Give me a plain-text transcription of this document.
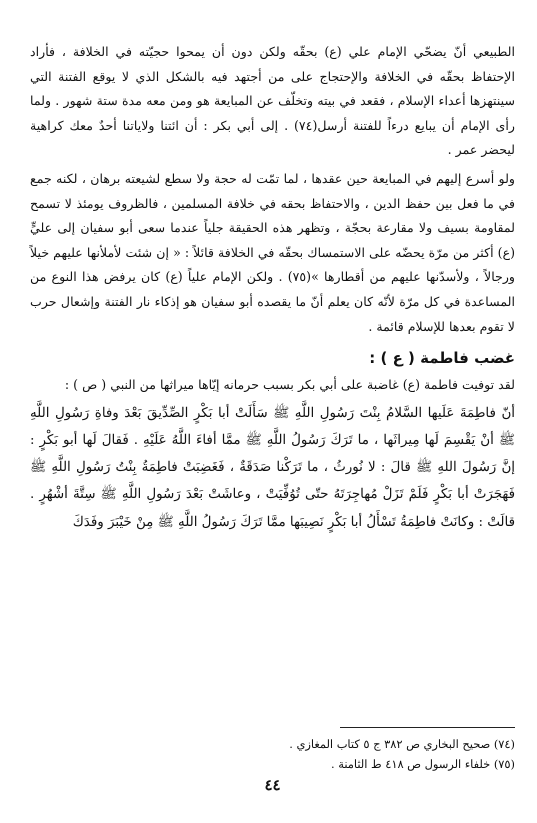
الطبيعي أنّ يضحّي الإمام علي (ع) بحقّه ولكن دون أن يمحوا حجيّته في الخلافة ، فأراد الإحتفاظ بحقّه في الخلافة والإحتجاج على من أجتهد فيه بالشكل الذي لا يوقع الفتنة التي سينتهزها أعداء الإسلام ، فقعد في بيته وتخلّف عن المبايعة هو ومن معه مدة ستة شهور . ولما رأى الإمام أن يبايع درءاً للفتنة أرسل(٧٤) . إلى أبي بكر : أن ائتنا ولاياتنا أحدٌ معك كراهية ليحضر عمر .

ولو أسرع إليهم في المبايعة حين عقدها ، لما تمّت له حجة ولا سطع لشيعته برهان ، لكنه جمع في ما فعل بين حفظ الدين ، والاحتفاظ بحقه في خلافة المسلمين ، فالظروف يومئذ لا تسمح لمقاومة بسيف ولا مقارعة بحجّة ، وتظهر هذه الحقيقة جلياً عندما سعى أبو سفيان إلى عليٍّ (ع) أكثر من مرّة يحضّه على الاستمساك بحقّه في الخلافة قائلاً : « إن شئت لأملأنها عليهم خيلاً ورجالاً ، ولأسدّنها عليهم من أقطارها »(٧٥) . ولكن الإمام علياً (ع) كان يرفض هذا النوع من المساعدة في كل مرّة لأنّه كان يعلم أنّ ما يقصده أبو سفيان هو إذكاء نار الفتنة وإشعال حرب لا تقوم بعدها للإسلام قائمة .

غضب فاطمة ( ع ) :

لقد توفيت فاطمة (ع) غاضبة على أبي بكر بسبب حرمانه إيّاها ميراثها من النبي ( ص ) :

أنّ فاطِمَةَ عَلَيها السَّلامُ بِنْتَ رَسُولِ اللَّهِ ﷺ سَأَلَتْ أبا بَكْرٍ الصِّدِّيقَ بَعْدَ وفاةِ رَسُولِ اللَّهِ ﷺ أنْ يَقْسِمَ لَها مِيراثَها ، ما تَرَكَ رَسُولُ اللَّهِ ﷺ ممَّا أفاءَ اللَّهُ عَلَيْهِ . فَقالَ لَها أبو بَكْرٍ : إنَّ رَسُولَ اللهِ ﷺ قالَ : لا نُورثُ ، ما تَرَكْنا صَدَقَةٌ ، فَغَضِبَتْ فاطِمَةُ بِنْتُ رَسُولِ اللَّهِ ﷺ فَهَجَرَتْ أبا بَكْرٍ فَلَمْ تَزَلْ مُهاجِرَتَهُ حتّى تُوُفِّيَتْ ، وعاشَتْ بَعْدَ رَسُولِ اللَّهِ ﷺ سِتَّةَ أشْهُرٍ . قالَتْ : وكانَتْ فاطِمَةُ تَسْأَلُ أبا بَكْرٍ نَصِيبَها ممَّا تَرَكَ رَسُولُ اللَّهِ ﷺ مِنْ خَيْبَرَ وفَدَكَ

(٧٤) صحيح البخاري ص ٣٨٢ ج ٥ كتاب المغازي .
(٧٥) خلفاء الرسول ص ٤١٨ ط الثامنة .
٤٤
